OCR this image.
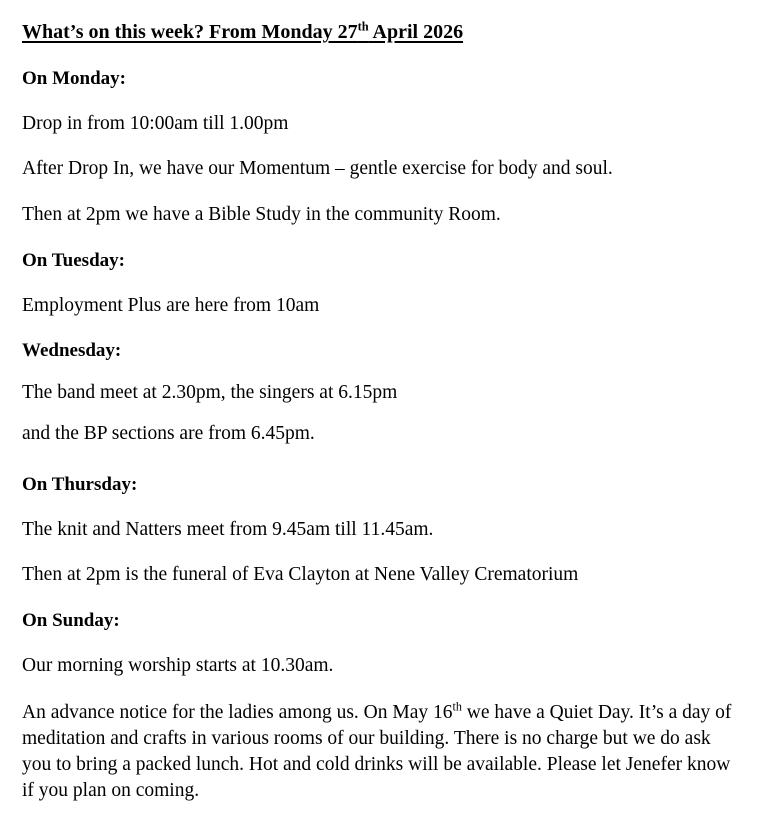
What’s on this week? From Monday 27th April 2026
On Monday:

Drop in from 10:00am till 1.00pm

After Drop In, we have our Momentum – gentle exercise for body and soul.

Then at 2pm we have a Bible Study in the community Room.

On Tuesday:

Employment Plus are here from 10am

Wednesday:

The band meet at 2.30pm, the singers at 6.15pm

and the BP sections are from 6.45pm.

On Thursday:

The knit and Natters meet from 9.45am till 11.45am.

Then at 2pm is the funeral of Eva Clayton at Nene Valley Crematorium

On Sunday:

Our morning worship starts at 10.30am.

An advance notice for the ladies among us. On May 16th we have a Quiet Day. It’s a day of meditation and crafts in various rooms of our building. There is no charge but we do ask you to bring a packed lunch. Hot and cold drinks will be available. Please let Jenefer know if you plan on coming.
